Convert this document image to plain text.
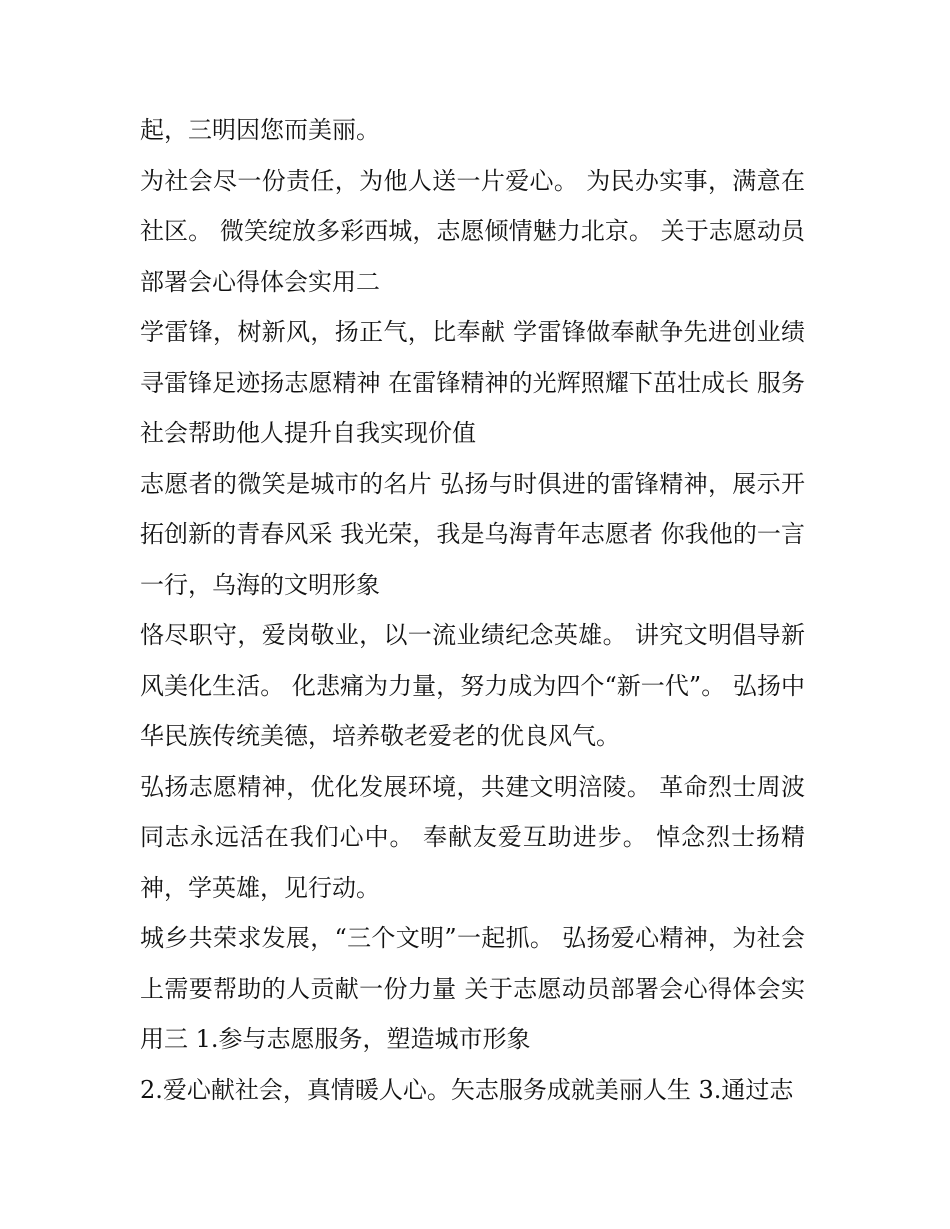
起，三明因您而美丽。

为社会尽一份责任，为他人送一片爱心。 为民办实事，满意在社区。 微笑绽放多彩西城，志愿倾情魅力北京。 关于志愿动员部署会心得体会实用二

学雷锋，树新风，扬正气，比奉献 学雷锋做奉献争先进创业绩 寻雷锋足迹扬志愿精神 在雷锋精神的光辉照耀下茁壮成长 服务社会帮助他人提升自我实现价值

志愿者的微笑是城市的名片 弘扬与时俱进的雷锋精神，展示开拓创新的青春风采 我光荣，我是乌海青年志愿者 你我他的一言一行，乌海的文明形象

恪尽职守，爱岗敬业，以一流业绩纪念英雄。 讲究文明倡导新风美化生活。 化悲痛为力量，努力成为四个“新一代”。 弘扬中华民族传统美德，培养敬老爱老的优良风气。

弘扬志愿精神，优化发展环境，共建文明涪陵。 革命烈士周波同志永远活在我们心中。 奉献友爱互助进步。 悼念烈士扬精神，学英雄，见行动。

城乡共荣求发展，“三个文明”一起抓。 弘扬爱心精神，为社会上需要帮助的人贡献一份力量 关于志愿动员部署会心得体会实用三 1.参与志愿服务，塑造城市形象

2.爱心献社会，真情暖人心。矢志服务成就美丽人生 3.通过志
